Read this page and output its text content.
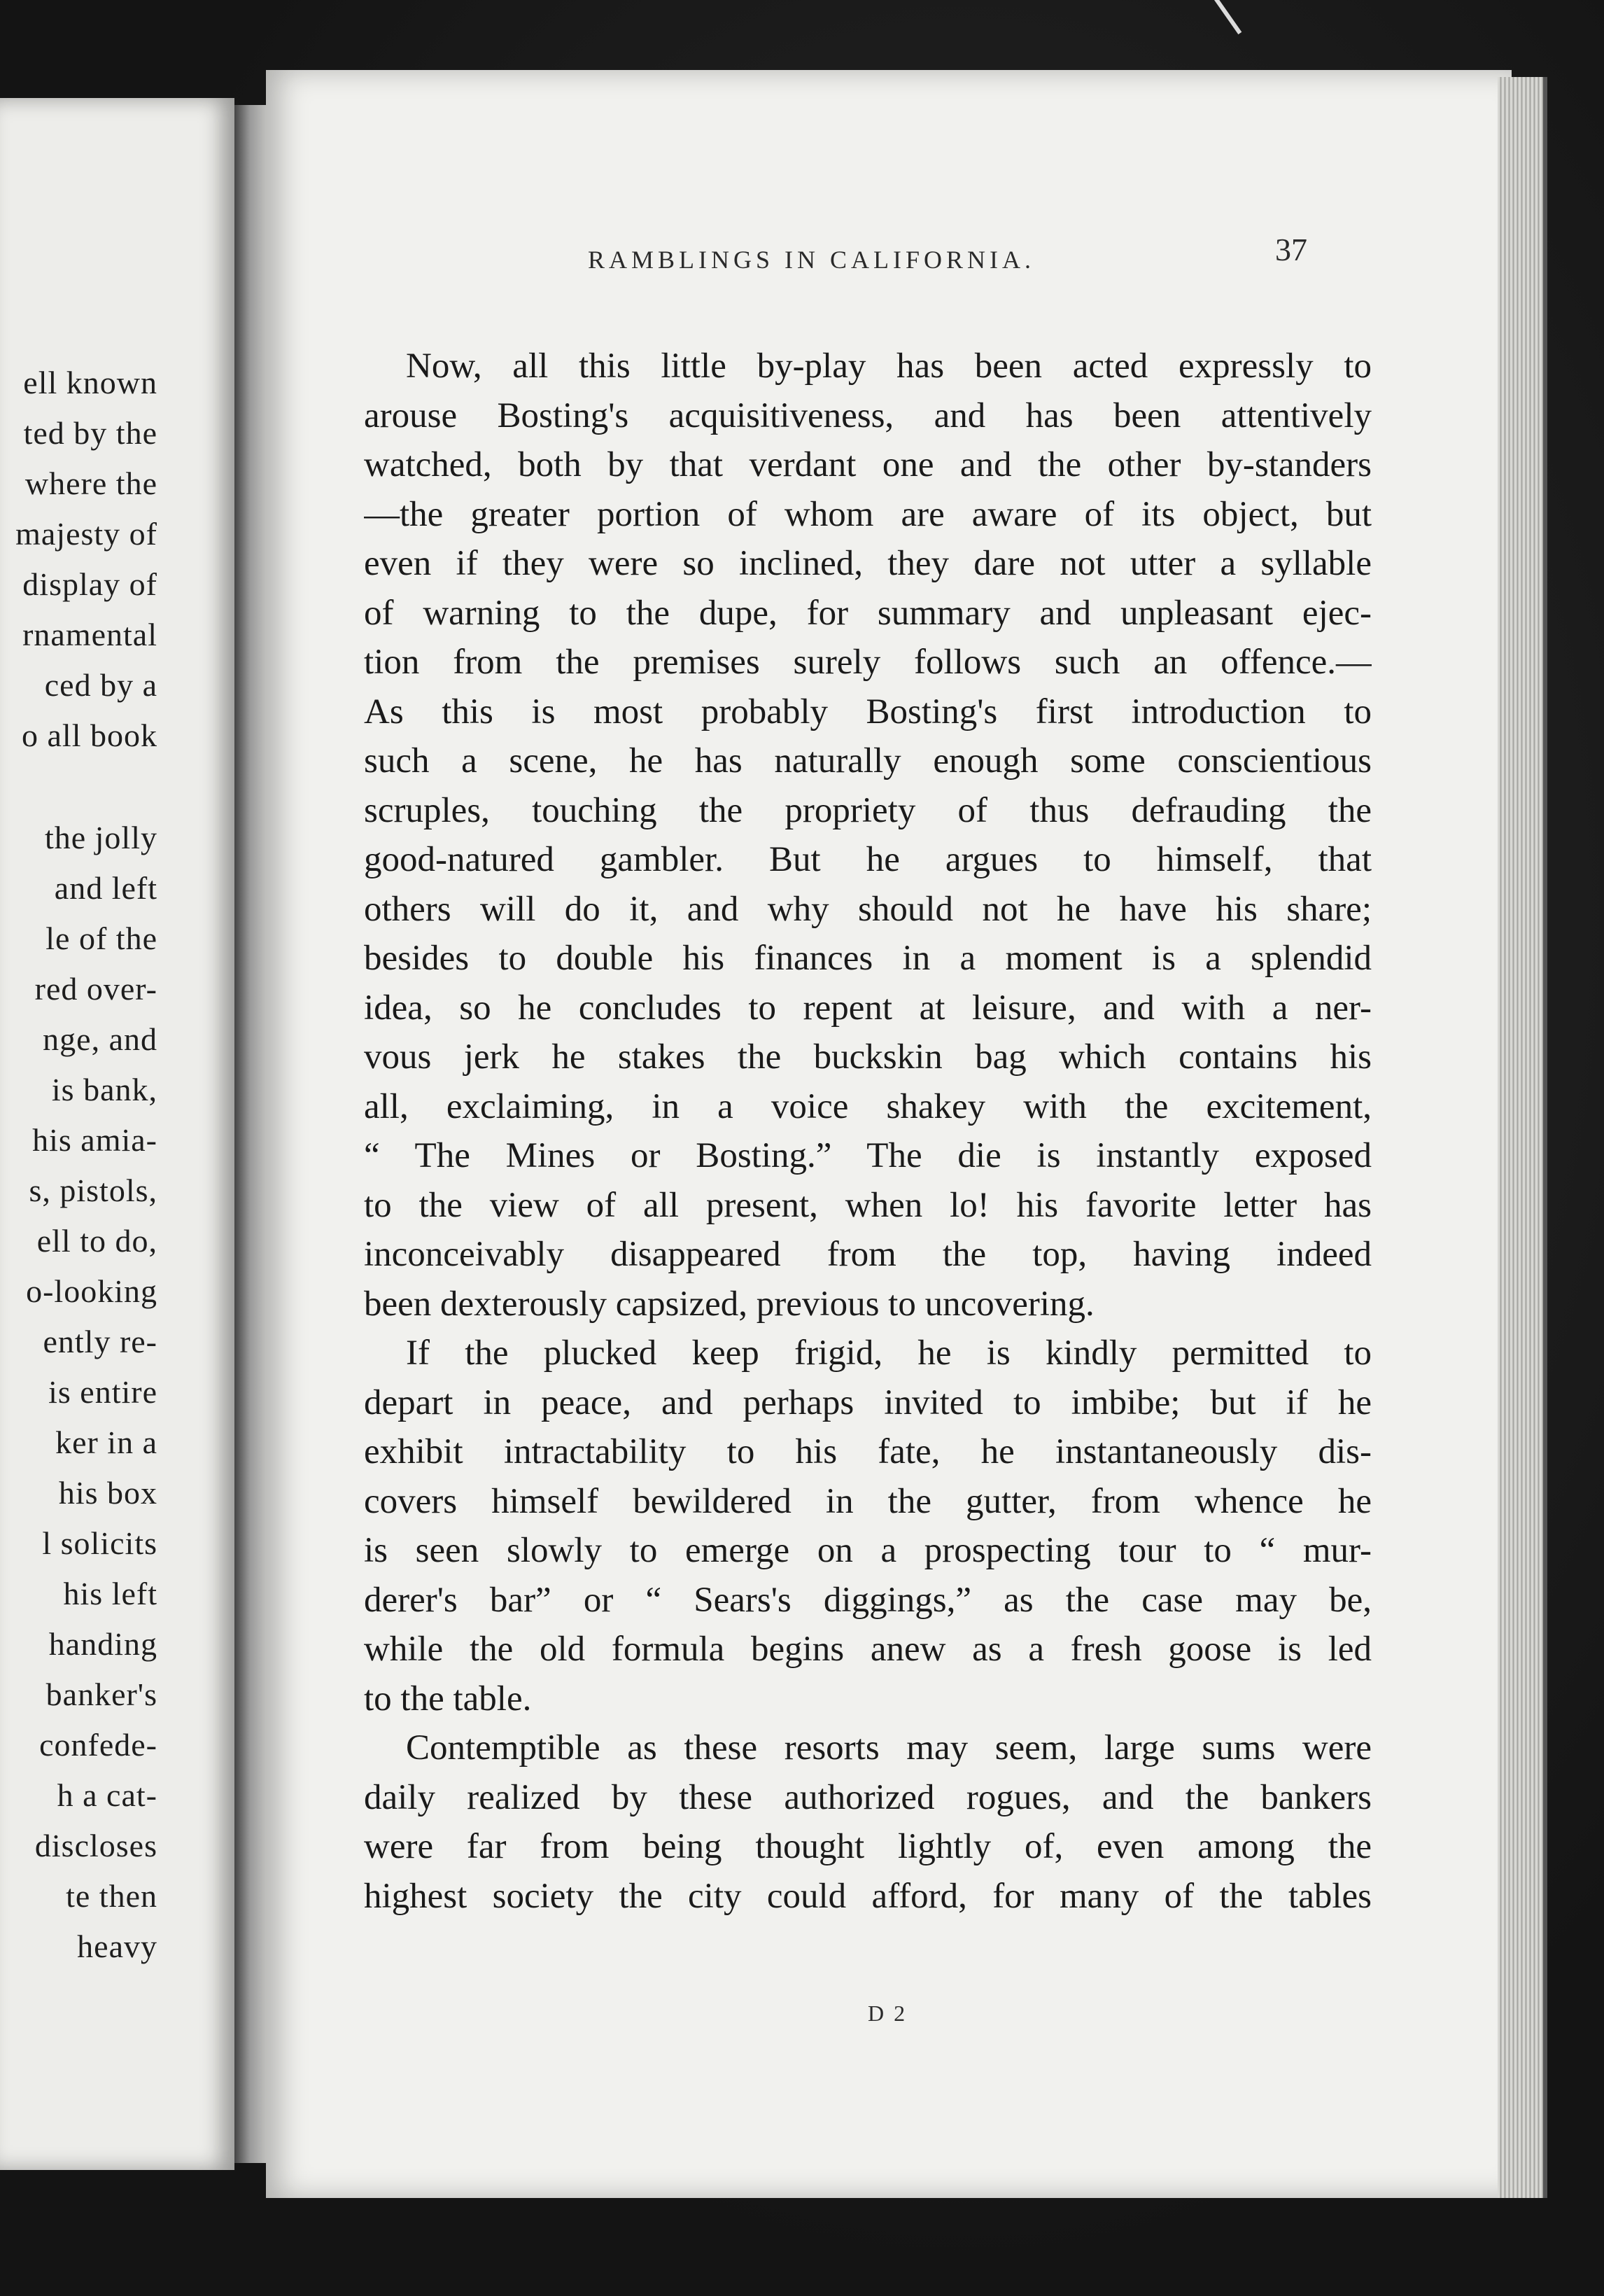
ell known
ted by the
where the
majesty of
display of
rnamental
ced by a
o all book
the jolly
and left
le of the
red over-
nge, and
is bank,
his amia-
s, pistols,
ell to do,
o-looking
ently re-
is entire
ker in a
his box
l solicits
his left
handing
banker's
confede-
h a cat-
discloses
te then
heavy
RAMBLINGS IN CALIFORNIA.	37
Now, all this little by-play has been acted expressly to
arouse Bosting's acquisitiveness, and has been attentively
watched, both by that verdant one and the other by-standers
—the greater portion of whom are aware of its object, but
even if they were so inclined, they dare not utter a syllable
of warning to the dupe, for summary and unpleasant ejec-
tion from the premises surely follows such an offence.—
As this is most probably Bosting's first introduction to
such a scene, he has naturally enough some conscientious
scruples, touching the propriety of thus defrauding the
good-natured gambler. But he argues to himself, that
others will do it, and why should not he have his share;
besides to double his finances in a moment is a splendid
idea, so he concludes to repent at leisure, and with a ner-
vous jerk he stakes the buckskin bag which contains his
all, exclaiming, in a voice shakey with the excitement,
“ The Mines or Bosting.” The die is instantly exposed
to the view of all present, when lo! his favorite letter has
inconceivably disappeared from the top, having indeed
been dexterously capsized, previous to uncovering.
If the plucked keep frigid, he is kindly permitted to
depart in peace, and perhaps invited to imbibe; but if he
exhibit intractability to his fate, he instantaneously dis-
covers himself bewildered in the gutter, from whence he
is seen slowly to emerge on a prospecting tour to “ mur-
derer's bar” or “ Sears's diggings,” as the case may be,
while the old formula begins anew as a fresh goose is led
to the table.
Contemptible as these resorts may seem, large sums were
daily realized by these authorized rogues, and the bankers
were far from being thought lightly of, even among the
highest society the city could afford, for many of the tables
D 2
